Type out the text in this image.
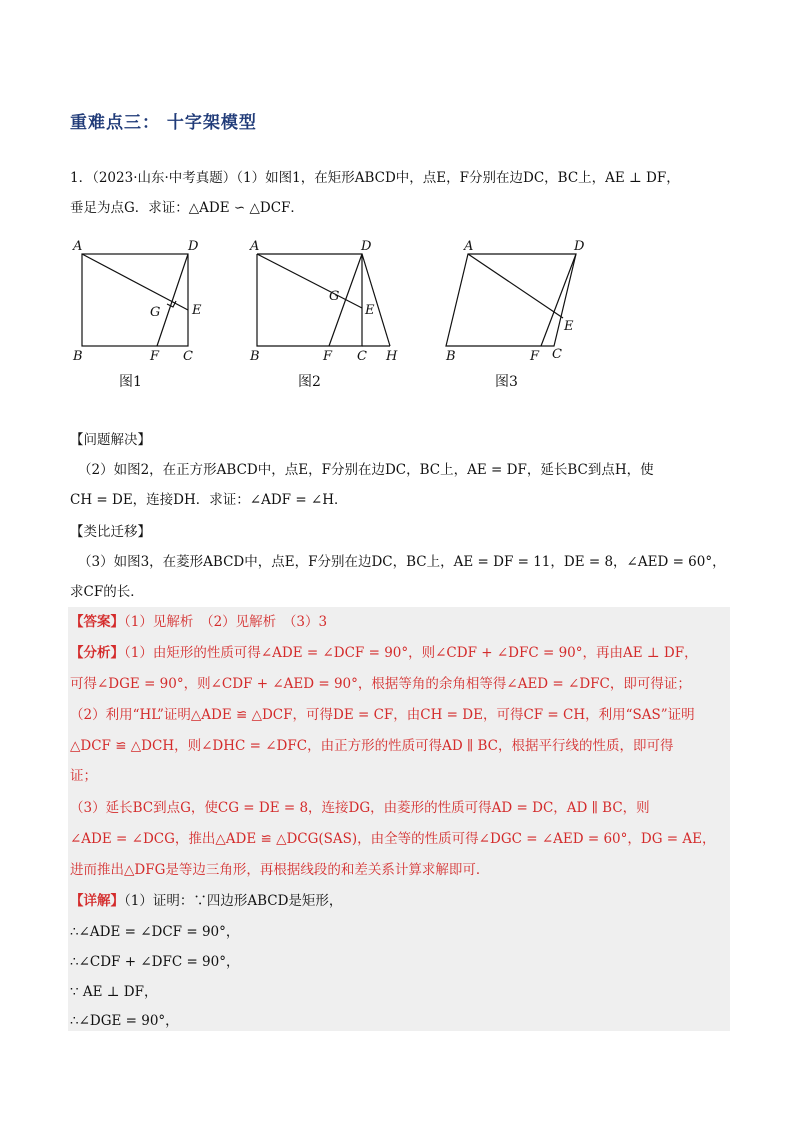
重难点三： 十字架模型
1．（2023·山东·中考真题）（1）如图1，在矩形ABCD中，点E，F分别在边DC，BC上，AE ⊥ DF，
垂足为点G．求证：△ADE ∽ △DCF．
A	D
B	C
F
E
G
图1
A	D
B	C
F
E
G
H
图2
A	D
B	C
F
E
图3
【问题解决】
（2）如图2，在正方形ABCD中，点E，F分别在边DC，BC上，AE = DF，延长BC到点H，使
CH = DE，连接DH．求证：∠ADF = ∠H．
【类比迁移】
（3）如图3，在菱形ABCD中，点E，F分别在边DC，BC上，AE = DF = 11，DE = 8，∠AED = 60°，
求CF的长．
【答案】（1）见解析　（2）见解析　（3）3
【分析】（1）由矩形的性质可得∠ADE = ∠DCF = 90°，则∠CDF + ∠DFC = 90°，再由AE ⊥ DF，
可得∠DGE = 90°，则∠CDF + ∠AED = 90°，根据等角的余角相等得∠AED = ∠DFC，即可得证；
（2）利用“HL”证明△ADE ≌ △DCF，可得DE = CF，由CH = DE，可得CF = CH，利用“SAS”证明
△DCF ≌ △DCH，则∠DHC = ∠DFC，由正方形的性质可得AD ∥ BC，根据平行线的性质，即可得
证；
（3）延长BC到点G，使CG = DE = 8，连接DG，由菱形的性质可得AD = DC，AD ∥ BC，则
∠ADE = ∠DCG，推出△ADE ≌ △DCG(SAS)，由全等的性质可得∠DGC = ∠AED = 60°，DG = AE，
进而推出△DFG是等边三角形，再根据线段的和差关系计算求解即可．
【详解】（1）证明：∵四边形ABCD是矩形，
∴∠ADE = ∠DCF = 90°，
∴∠CDF + ∠DFC = 90°，
∵ AE ⊥ DF，
∴∠DGE = 90°，
